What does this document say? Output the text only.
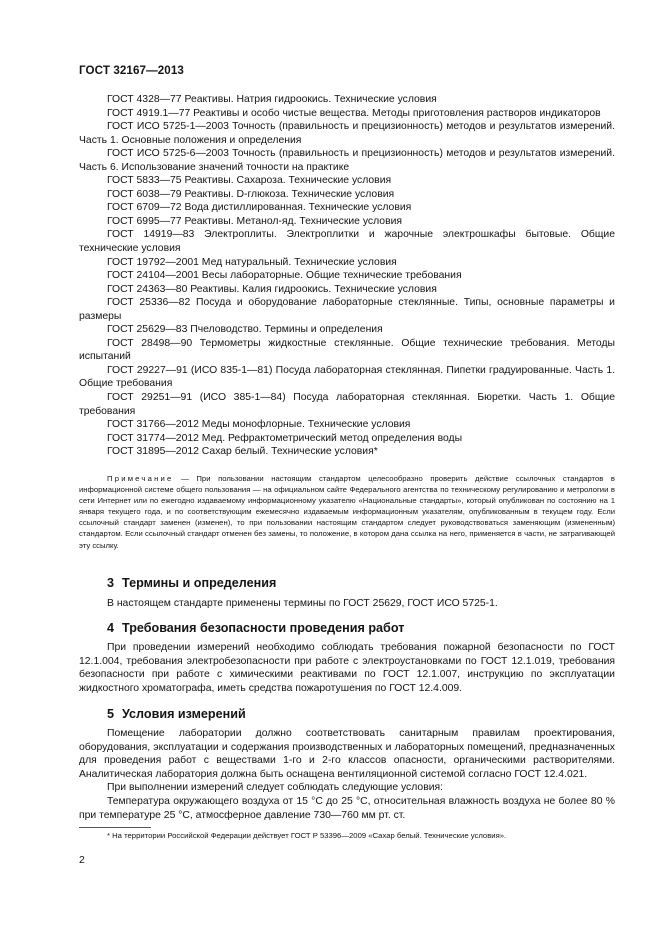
ГОСТ 32167—2013
ГОСТ 4328—77 Реактивы. Натрия гидроокись. Технические условия
ГОСТ 4919.1—77 Реактивы и особо чистые вещества. Методы приготовления растворов индикаторов
ГОСТ ИСО 5725-1—2003 Точность (правильность и прецизионность) методов и результатов измерений. Часть 1. Основные положения и определения
ГОСТ ИСО 5725-6—2003 Точность (правильность и прецизионность) методов и результатов измерений. Часть 6. Использование значений точности на практике
ГОСТ 5833—75 Реактивы. Сахароза. Технические условия
ГОСТ 6038—79 Реактивы. D-глюкоза. Технические условия
ГОСТ 6709—72 Вода дистиллированная. Технические условия
ГОСТ 6995—77 Реактивы. Метанол-яд. Технические условия
ГОСТ 14919—83 Электроплиты. Электроплитки и жарочные электрошкафы бытовые. Общие технические условия
ГОСТ 19792—2001 Мед натуральный. Технические условия
ГОСТ 24104—2001 Весы лабораторные. Общие технические требования
ГОСТ 24363—80 Реактивы. Калия гидроокись. Технические условия
ГОСТ 25336—82 Посуда и оборудование лабораторные стеклянные. Типы, основные параметры и размеры
ГОСТ 25629—83 Пчеловодство. Термины и определения
ГОСТ 28498—90 Термометры жидкостные стеклянные. Общие технические требования. Методы испытаний
ГОСТ 29227—91 (ИСО 835-1—81) Посуда лабораторная стеклянная. Пипетки градуированные. Часть 1. Общие требования
ГОСТ 29251—91 (ИСО 385-1—84) Посуда лабораторная стеклянная. Бюретки. Часть 1. Общие требования
ГОСТ 31766—2012 Меды монофлорные. Технические условия
ГОСТ 31774—2012 Мед. Рефрактометрический метод определения воды
ГОСТ 31895—2012 Сахар белый. Технические условия*
Примечание — При пользовании настоящим стандартом целесообразно проверить действие ссылочных стандартов в информационной системе общего пользования — на официальном сайте Федерального агентства по техническому регулированию и метрологии в сети Интернет или по ежегодно издаваемому информационному указателю «Национальные стандарты», который опубликован по состоянию на 1 января текущего года, и по соответствующим ежемесячно издаваемым информационным указателям, опубликованным в текущем году. Если ссылочный стандарт заменен (изменен), то при пользовании настоящим стандартом следует руководствоваться заменяющим (измененным) стандартом. Если ссылочный стандарт отменен без замены, то положение, в котором дана ссылка на него, применяется в части, не затрагивающей эту ссылку.
3 Термины и определения
В настоящем стандарте применены термины по ГОСТ 25629, ГОСТ ИСО 5725-1.
4 Требования безопасности проведения работ
При проведении измерений необходимо соблюдать требования пожарной безопасности по ГОСТ 12.1.004, требования электробезопасности при работе с электроустановками по ГОСТ 12.1.019, требования безопасности при работе с химическими реактивами по ГОСТ 12.1.007, инструкцию по эксплуатации жидкостного хроматографа, иметь средства пожаротушения по ГОСТ 12.4.009.
5 Условия измерений
Помещение лаборатории должно соответствовать санитарным правилам проектирования, оборудования, эксплуатации и содержания производственных и лабораторных помещений, предназначенных для проведения работ с веществами 1-го и 2-го классов опасности, органическими растворителями. Аналитическая лаборатория должна быть оснащена вентиляционной системой согласно ГОСТ 12.4.021.
При выполнении измерений следует соблюдать следующие условия:
Температура окружающего воздуха от 15 °С до 25 °С, относительная влажность воздуха не более 80 % при температуре 25 °С, атмосферное давление 730—760 мм рт. ст.
* На территории Российской Федерации действует ГОСТ Р 53396—2009 «Сахар белый. Технические условия».
2
